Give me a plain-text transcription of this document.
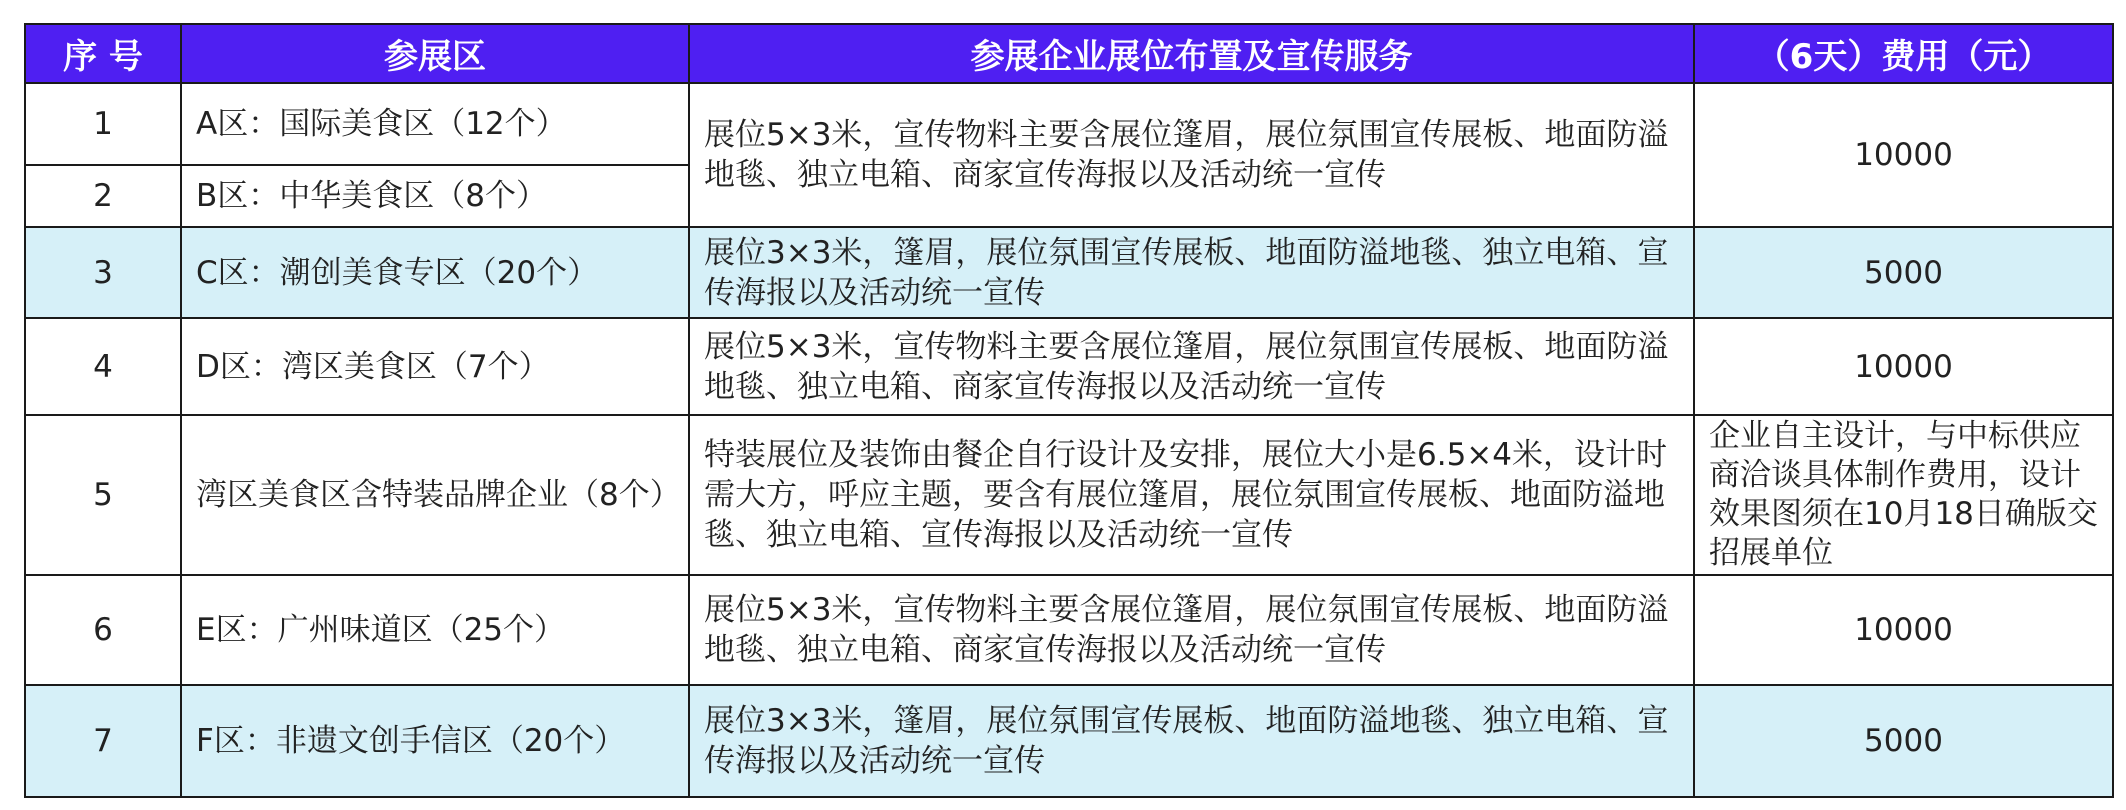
序 号	参展区	参展企业展位布置及宣传服务	（6天）费用（元）
1	A区：国际美食区（12个）	展位5×3米，宣传物料主要含展位篷眉，展位氛围宣传展板、地面防溢地毯、独立电箱、商家宣传海报以及活动统一宣传	10000
2	B区：中华美食区（8个）		
3	C区：潮创美食专区（20个）	展位3×3米，篷眉，展位氛围宣传展板、地面防溢地毯、独立电箱、宣传海报以及活动统一宣传	5000
4	D区：湾区美食区（7个）	展位5×3米，宣传物料主要含展位篷眉，展位氛围宣传展板、地面防溢地毯、独立电箱、商家宣传海报以及活动统一宣传	10000
5	湾区美食区含特装品牌企业（8个）	特装展位及装饰由餐企自行设计及安排，展位大小是6.5×4米，设计时需大方，呼应主题，要含有展位篷眉，展位氛围宣传展板、地面防溢地毯、独立电箱、宣传海报以及活动统一宣传	企业自主设计，与中标供应商洽谈具体制作费用，设计效果图须在10月18日确版交招展单位
6	E区：广州味道区（25个）	展位5×3米，宣传物料主要含展位篷眉，展位氛围宣传展板、地面防溢地毯、独立电箱、商家宣传海报以及活动统一宣传	10000
7	F区：非遗文创手信区（20个）	展位3×3米，篷眉，展位氛围宣传展板、地面防溢地毯、独立电箱、宣传海报以及活动统一宣传	5000
